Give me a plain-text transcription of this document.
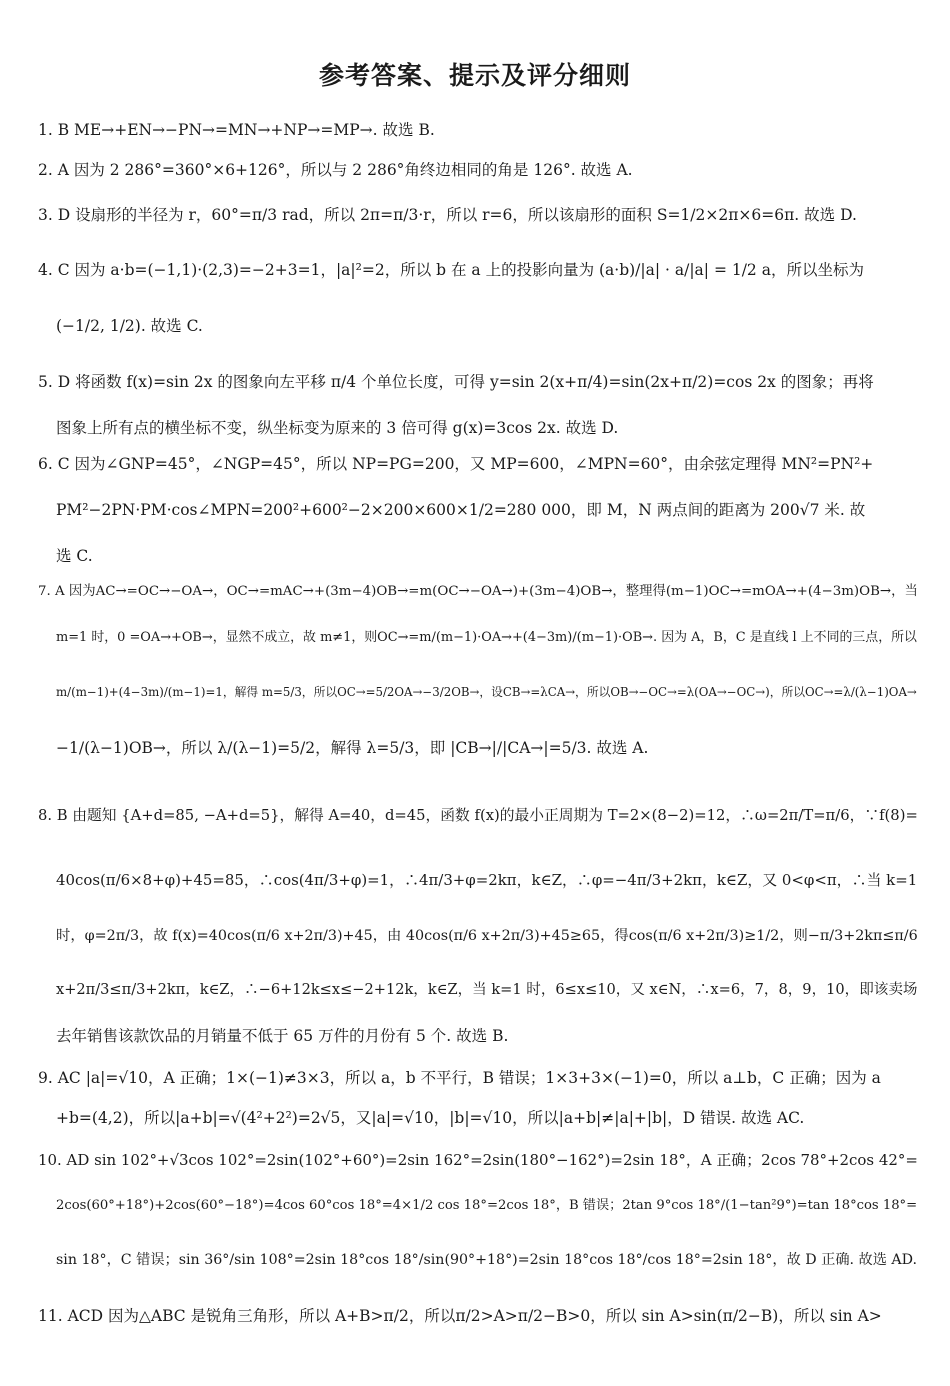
参考答案、提示及评分细则
1. B ME→+EN→−PN→=MN→+NP→=MP→. 故选 B.
2. A 因为 2 286°=360°×6+126°，所以与 2 286°角终边相同的角是 126°. 故选 A.
3. D 设扇形的半径为 r，60°=π/3 rad，所以 2π=π/3·r，所以 r=6，所以该扇形的面积 S=1/2×2π×6=6π. 故选 D.
4. C 因为 a·b=(−1,1)·(2,3)=−2+3=1，|a|²=2，所以 b 在 a 上的投影向量为 (a·b)/|a| · a/|a| = 1/2 a，所以坐标为
(−1/2, 1/2). 故选 C.
5. D 将函数 f(x)=sin 2x 的图象向左平移 π/4 个单位长度，可得 y=sin 2(x+π/4)=sin(2x+π/2)=cos 2x 的图象；再将
图象上所有点的横坐标不变，纵坐标变为原来的 3 倍可得 g(x)=3cos 2x. 故选 D.
6. C 因为∠GNP=45°，∠NGP=45°，所以 NP=PG=200，又 MP=600，∠MPN=60°，由余弦定理得 MN²=PN²+
PM²−2PN·PM·cos∠MPN=200²+600²−2×200×600×1/2=280 000，即 M，N 两点间的距离为 200√7 米. 故
选 C.
7. A 因为AC→=OC→−OA→，OC→=mAC→+(3m−4)OB→=m(OC→−OA→)+(3m−4)OB→，整理得(m−1)OC→=mOA→+(4−3m)OB→，当
m=1 时，0 =OA→+OB→，显然不成立，故 m≠1，则OC→=m/(m−1)·OA→+(4−3m)/(m−1)·OB→. 因为 A，B，C 是直线 l 上不同的三点，所以
m/(m−1)+(4−3m)/(m−1)=1，解得 m=5/3，所以OC→=5/2OA→−3/2OB→，设CB→=λCA→，所以OB→−OC→=λ(OA→−OC→)，所以OC→=λ/(λ−1)OA→
−1/(λ−1)OB→，所以 λ/(λ−1)=5/2，解得 λ=5/3，即 |CB→|/|CA→|=5/3. 故选 A.
8. B 由题知 {A+d=85, −A+d=5}，解得 A=40，d=45，函数 f(x)的最小正周期为 T=2×(8−2)=12，∴ω=2π/T=π/6，∵f(8)=
40cos(π/6×8+φ)+45=85，∴cos(4π/3+φ)=1，∴4π/3+φ=2kπ，k∈Z，∴φ=−4π/3+2kπ，k∈Z，又 0<φ<π，∴当 k=1
时，φ=2π/3，故 f(x)=40cos(π/6 x+2π/3)+45，由 40cos(π/6 x+2π/3)+45≥65，得cos(π/6 x+2π/3)≥1/2，则−π/3+2kπ≤π/6
x+2π/3≤π/3+2kπ，k∈Z，∴−6+12k≤x≤−2+12k，k∈Z，当 k=1 时，6≤x≤10，又 x∈N，∴x=6，7，8，9，10，即该卖场
去年销售该款饮品的月销量不低于 65 万件的月份有 5 个. 故选 B.
9. AC |a|=√10，A 正确；1×(−1)≠3×3，所以 a，b 不平行，B 错误；1×3+3×(−1)=0，所以 a⊥b，C 正确；因为 a
+b=(4,2)，所以|a+b|=√(4²+2²)=2√5，又|a|=√10，|b|=√10，所以|a+b|≠|a|+|b|，D 错误. 故选 AC.
10. AD sin 102°+√3cos 102°=2sin(102°+60°)=2sin 162°=2sin(180°−162°)=2sin 18°，A 正确；2cos 78°+2cos 42°=
2cos(60°+18°)+2cos(60°−18°)=4cos 60°cos 18°=4×1/2 cos 18°=2cos 18°，B 错误；2tan 9°cos 18°/(1−tan²9°)=tan 18°cos 18°=
sin 18°，C 错误；sin 36°/sin 108°=2sin 18°cos 18°/sin(90°+18°)=2sin 18°cos 18°/cos 18°=2sin 18°，故 D 正确. 故选 AD.
11. ACD 因为△ABC 是锐角三角形，所以 A+B>π/2，所以π/2>A>π/2−B>0，所以 sin A>sin(π/2−B)，所以 sin A>
